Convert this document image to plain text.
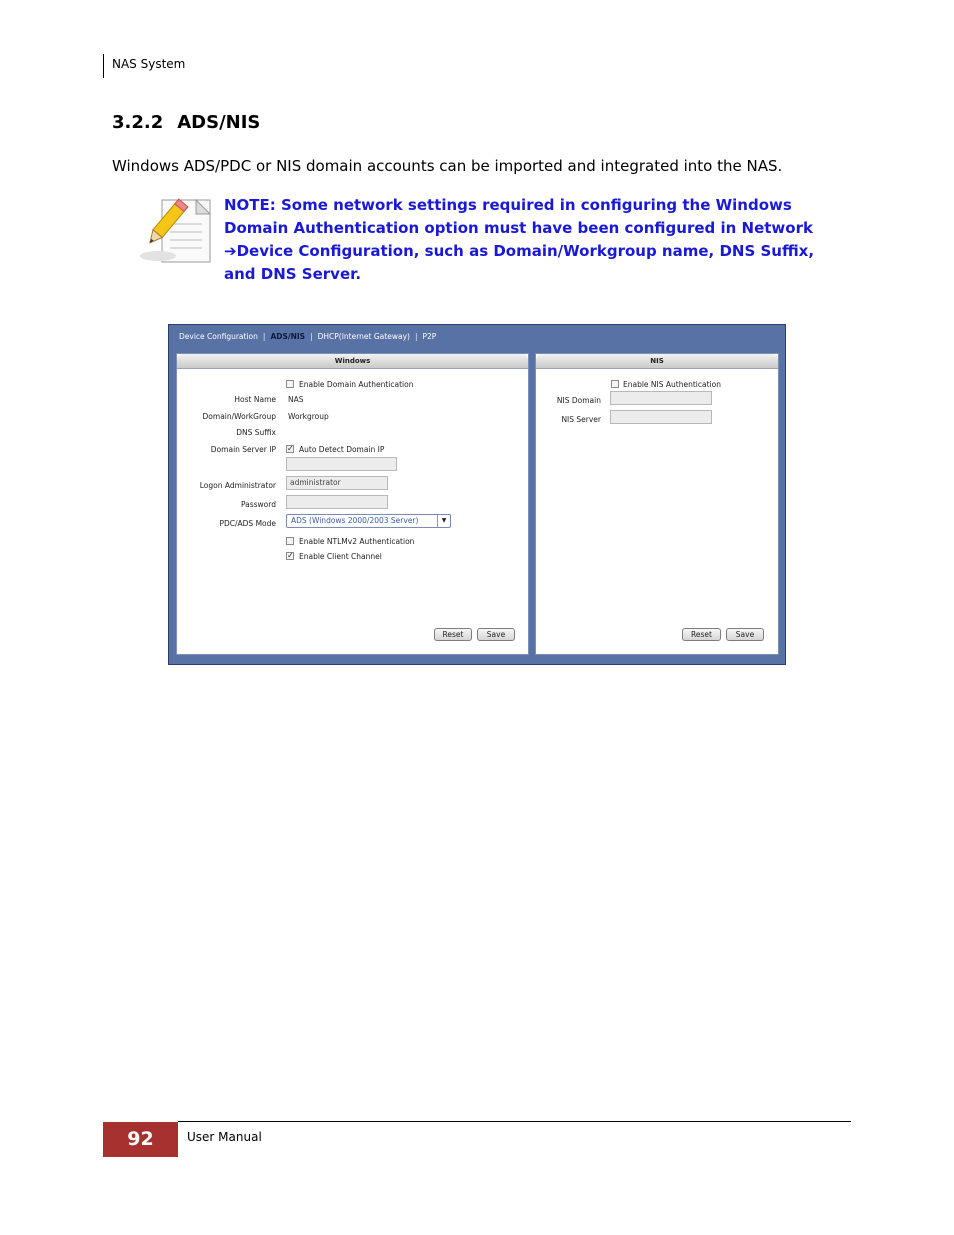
NAS System
3.2.2 ADS/NIS
Windows ADS/PDC or NIS domain accounts can be imported and integrated into the NAS.
NOTE: Some network settings required in configuring the Windows
Domain Authentication option must have been configured in Network
➔Device Configuration, such as Domain/Workgroup name, DNS Suffix,
and DNS Server.
Device Configuration | ADS/NIS | DHCP(Internet Gateway) | P2P
Windows
Enable Domain Authentication
Host Name NAS
Domain/WorkGroup Workgroup
DNS Suffix
Domain Server IP ✓ Auto Detect Domain IP
Logon Administrator	administrator
Password
PDC/ADS Mode	ADS (Windows 2000/2003 Server)	▼
Enable NTLMv2 Authentication
✓ Enable Client Channel
Reset	Save
NIS
Enable NIS Authentication
NIS Domain
NIS Server
Reset	Save
92	User Manual
